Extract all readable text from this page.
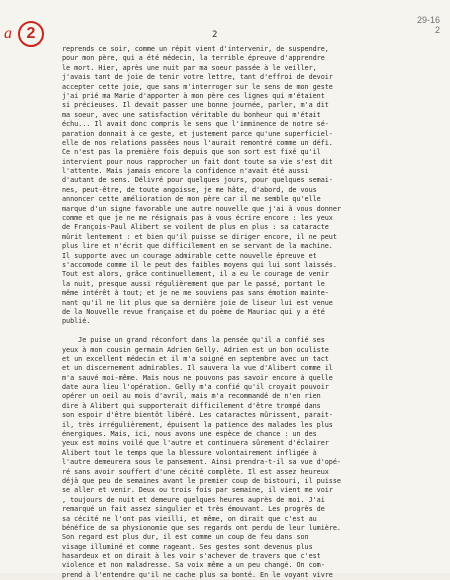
a 2
29-16
2
2
reprends ce soir, comme un répit vient d'intervenir, de suspendre,
pour mon père, qui a été médecin, la terrible épreuve d'apprendre
le mort. Hier, après une nuit par ma soeur passée à le veiller,
j'avais tant de joie de tenir votre lettre, tant d'effroi de devoir
accepter cette joie, que sans m'interroger sur le sens de mon geste
j'ai prié ma Marie d'apporter à mon père ces lignes qui m'étaient
si précieuses. Il devait passer une bonne journée, parler, m'a dit
ma soeur, avec une satisfaction véritable du bonheur qui m'était
échu... Il avait donc compris le sens que l'imminence de notre sé-
paration donnait à ce geste, et justement parce qu'une superficiel-
elle de nos relations passées nous l'aurait remontré comme un défi.
Ce n'est pas la première fois depuis que son sort est fixé qu'il
intervient pour nous rapprocher un fait dont toute sa vie s'est dit
l'attente. Mais jamais encore la confidence n'avait été aussi
d'autant de sens. Délivré pour quelques jours, pour quelques semai-
nes, peut-être, de toute angoisse, je me hâte, d'abord, de vous
annoncer cette amélioration de mon père car il me semble qu'elle
marque d'un signe favorable une autre nouvelle que j'ai à vous donner
comme et que je ne me résignais pas à vous écrire encore : les yeux
de François-Paul Alibert se voilent de plus en plus : sa cataracte
mûrit lentement : et bien qu'il puisse se diriger encore, il ne peut
plus lire et n'écrit que difficilement en se servant de la machine.
Il supporte avec un courage admirable cette nouvelle épreuve et
s'accomode comme il le peut des faibles moyens qui lui sont laissés.
Tout est alors, grâce continuellement, il a eu le courage de venir
la nuit, presque aussi régulièrement que par le passé, portant le
même intérêt à tout; et je ne me souviens pas sans émotion mainte-
nant qu'il ne lit plus que sa dernière joie de liseur lui est venue
de la Nouvelle revue française et du poème de Mauriac qui y a été
publié.
Je puise un grand réconfort dans la pensée qu'il a confié ses
yeux à mon cousin germain Adrien Gelly. Adrien est un bon oculiste
et un excellent médecin et il m'a soigné en septembre avec un tact
et un discernement admirables. Il sauvera la vue d'Alibert comme il
m'a sauvé moi-même. Mais nous ne pouvons pas savoir encore à quelle
date aura lieu l'opération. Gelly m'a confié qu'il croyait pouvoir
opérer un oeil au mois d'avril, mais m'a recommandé de n'en rien
dire à Alibert qui supporterait difficilement d'être trompé dans
son espoir d'être bientôt libéré. Les cataractes mûrissent, parait-
il, très irrégulièrement, épuisent la patience des malades les plus
énergiques. Mais, ici, nous avons une espèce de chance : un des
yeux est moins voilé que l'autre et continuera sûrement d'éclairer
Alibert tout le temps que la blessure volontairement infligée à
l'autre demeurera sous le pansement. Ainsi prendra-t-il sa vue d'opé-
ré sans avoir souffert d'une cécité complète. Il est assez heureux
déjà que peu de semaines avant le premier coup de bistouri, il puisse
se aller et venir. Deux ou trois fois par semaine, il vient me voir
, toujours de nuit et demeure quelques heures auprès de moi. J'ai
remarqué un fait assez singulier et très émouvant. Les progrès de
sa cécité ne l'ont pas vieilli, et même, on dirait que c'est au
bénéfice de sa physionomie que ses regards ont perdu de leur lumière.
Son regard est plus dur, il est comme un coup de feu dans son
visage illuminé et comme rageant. Ses gestes sont devenus plus
hasardeux et on dirait à les voir s'achever de travers que c'est
violence et non maladresse. Sa voix même a un peu changé. On com-
prend à l'entendre qu'il ne cache plus sa bonté. En le voyant vivre
